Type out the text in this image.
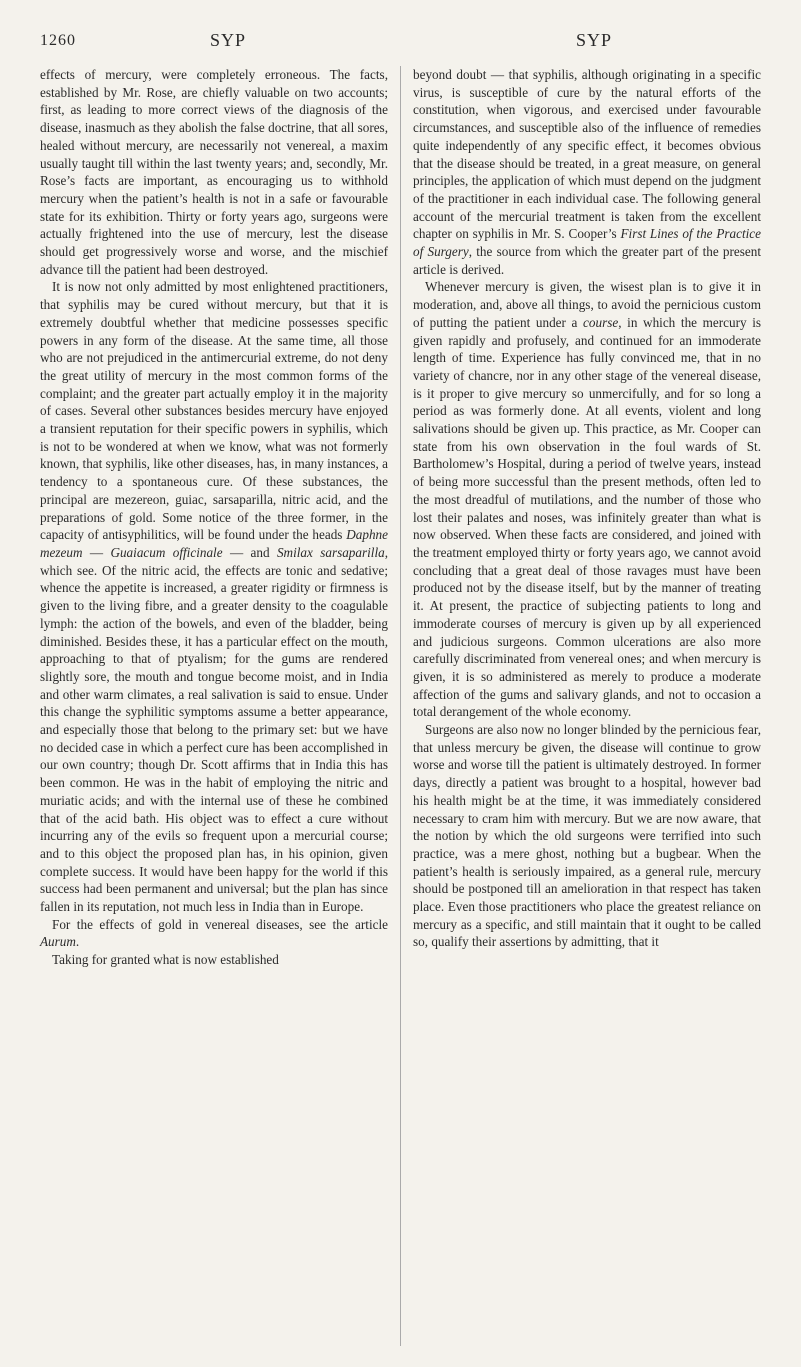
1260	SYP	SYP

effects of mercury, were completely erroneous. The facts, established by Mr. Rose, are chiefly valuable on two accounts; first, as leading to more correct views of the diagnosis of the disease, inasmuch as they abolish the false doctrine, that all sores, healed without mercury, are necessarily not venereal, a maxim usually taught till within the last twenty years; and, secondly, Mr. Rose’s facts are important, as encouraging us to withhold mercury when the patient’s health is not in a safe or favourable state for its exhibition. Thirty or forty years ago, surgeons were actually frightened into the use of mercury, lest the disease should get progressively worse and worse, and the mischief advance till the patient had been destroyed.

It is now not only admitted by most enlightened practitioners, that syphilis may be cured without mercury, but that it is extremely doubtful whether that medicine possesses specific powers in any form of the disease. At the same time, all those who are not prejudiced in the antimercurial extreme, do not deny the great utility of mercury in the most common forms of the complaint; and the greater part actually employ it in the majority of cases. Several other substances besides mercury have enjoyed a transient reputation for their specific powers in syphilis, which is not to be wondered at when we know, what was not formerly known, that syphilis, like other diseases, has, in many instances, a tendency to a spontaneous cure. Of these substances, the principal are mezereon, guiac, sarsaparilla, nitric acid, and the preparations of gold. Some notice of the three former, in the capacity of antisyphilitics, will be found under the heads Daphne mezeum — Guaiacum officinale — and Smilax sarsaparilla, which see. Of the nitric acid, the effects are tonic and sedative; whence the appetite is increased, a greater rigidity or firmness is given to the living fibre, and a greater density to the coagulable lymph: the action of the bowels, and even of the bladder, being diminished. Besides these, it has a particular effect on the mouth, approaching to that of ptyalism; for the gums are rendered slightly sore, the mouth and tongue become moist, and in India and other warm climates, a real salivation is said to ensue. Under this change the syphilitic symptoms assume a better appearance, and especially those that belong to the primary set: but we have no decided case in which a perfect cure has been accomplished in our own country; though Dr. Scott affirms that in India this has been common. He was in the habit of employing the nitric and muriatic acids; and with the internal use of these he combined that of the acid bath. His object was to effect a cure without incurring any of the evils so frequent upon a mercurial course; and to this object the proposed plan has, in his opinion, given complete success. It would have been happy for the world if this success had been permanent and universal; but the plan has since fallen in its reputation, not much less in India than in Europe.

For the effects of gold in venereal diseases, see the article Aurum.

Taking for granted what is now established

beyond doubt — that syphilis, although originating in a specific virus, is susceptible of cure by the natural efforts of the constitution, when vigorous, and exercised under favourable circumstances, and susceptible also of the influence of remedies quite independently of any specific effect, it becomes obvious that the disease should be treated, in a great measure, on general principles, the application of which must depend on the judgment of the practitioner in each individual case. The following general account of the mercurial treatment is taken from the excellent chapter on syphilis in Mr. S. Cooper’s First Lines of the Practice of Surgery, the source from which the greater part of the present article is derived.

Whenever mercury is given, the wisest plan is to give it in moderation, and, above all things, to avoid the pernicious custom of putting the patient under a course, in which the mercury is given rapidly and profusely, and continued for an immoderate length of time. Experience has fully convinced me, that in no variety of chancre, nor in any other stage of the venereal disease, is it proper to give mercury so unmercifully, and for so long a period as was formerly done. At all events, violent and long salivations should be given up. This practice, as Mr. Cooper can state from his own observation in the foul wards of St. Bartholomew’s Hospital, during a period of twelve years, instead of being more successful than the present methods, often led to the most dreadful of mutilations, and the number of those who lost their palates and noses, was infinitely greater than what is now observed. When these facts are considered, and joined with the treatment employed thirty or forty years ago, we cannot avoid concluding that a great deal of those ravages must have been produced not by the disease itself, but by the manner of treating it. At present, the practice of subjecting patients to long and immoderate courses of mercury is given up by all experienced and judicious surgeons. Common ulcerations are also more carefully discriminated from venereal ones; and when mercury is given, it is so administered as merely to produce a moderate affection of the gums and salivary glands, and not to occasion a total derangement of the whole economy.

Surgeons are also now no longer blinded by the pernicious fear, that unless mercury be given, the disease will continue to grow worse and worse till the patient is ultimately destroyed. In former days, directly a patient was brought to a hospital, however bad his health might be at the time, it was immediately considered necessary to cram him with mercury. But we are now aware, that the notion by which the old surgeons were terrified into such practice, was a mere ghost, nothing but a bugbear. When the patient’s health is seriously impaired, as a general rule, mercury should be postponed till an amelioration in that respect has taken place. Even those practitioners who place the greatest reliance on mercury as a specific, and still maintain that it ought to be called so, qualify their assertions by admitting, that it
